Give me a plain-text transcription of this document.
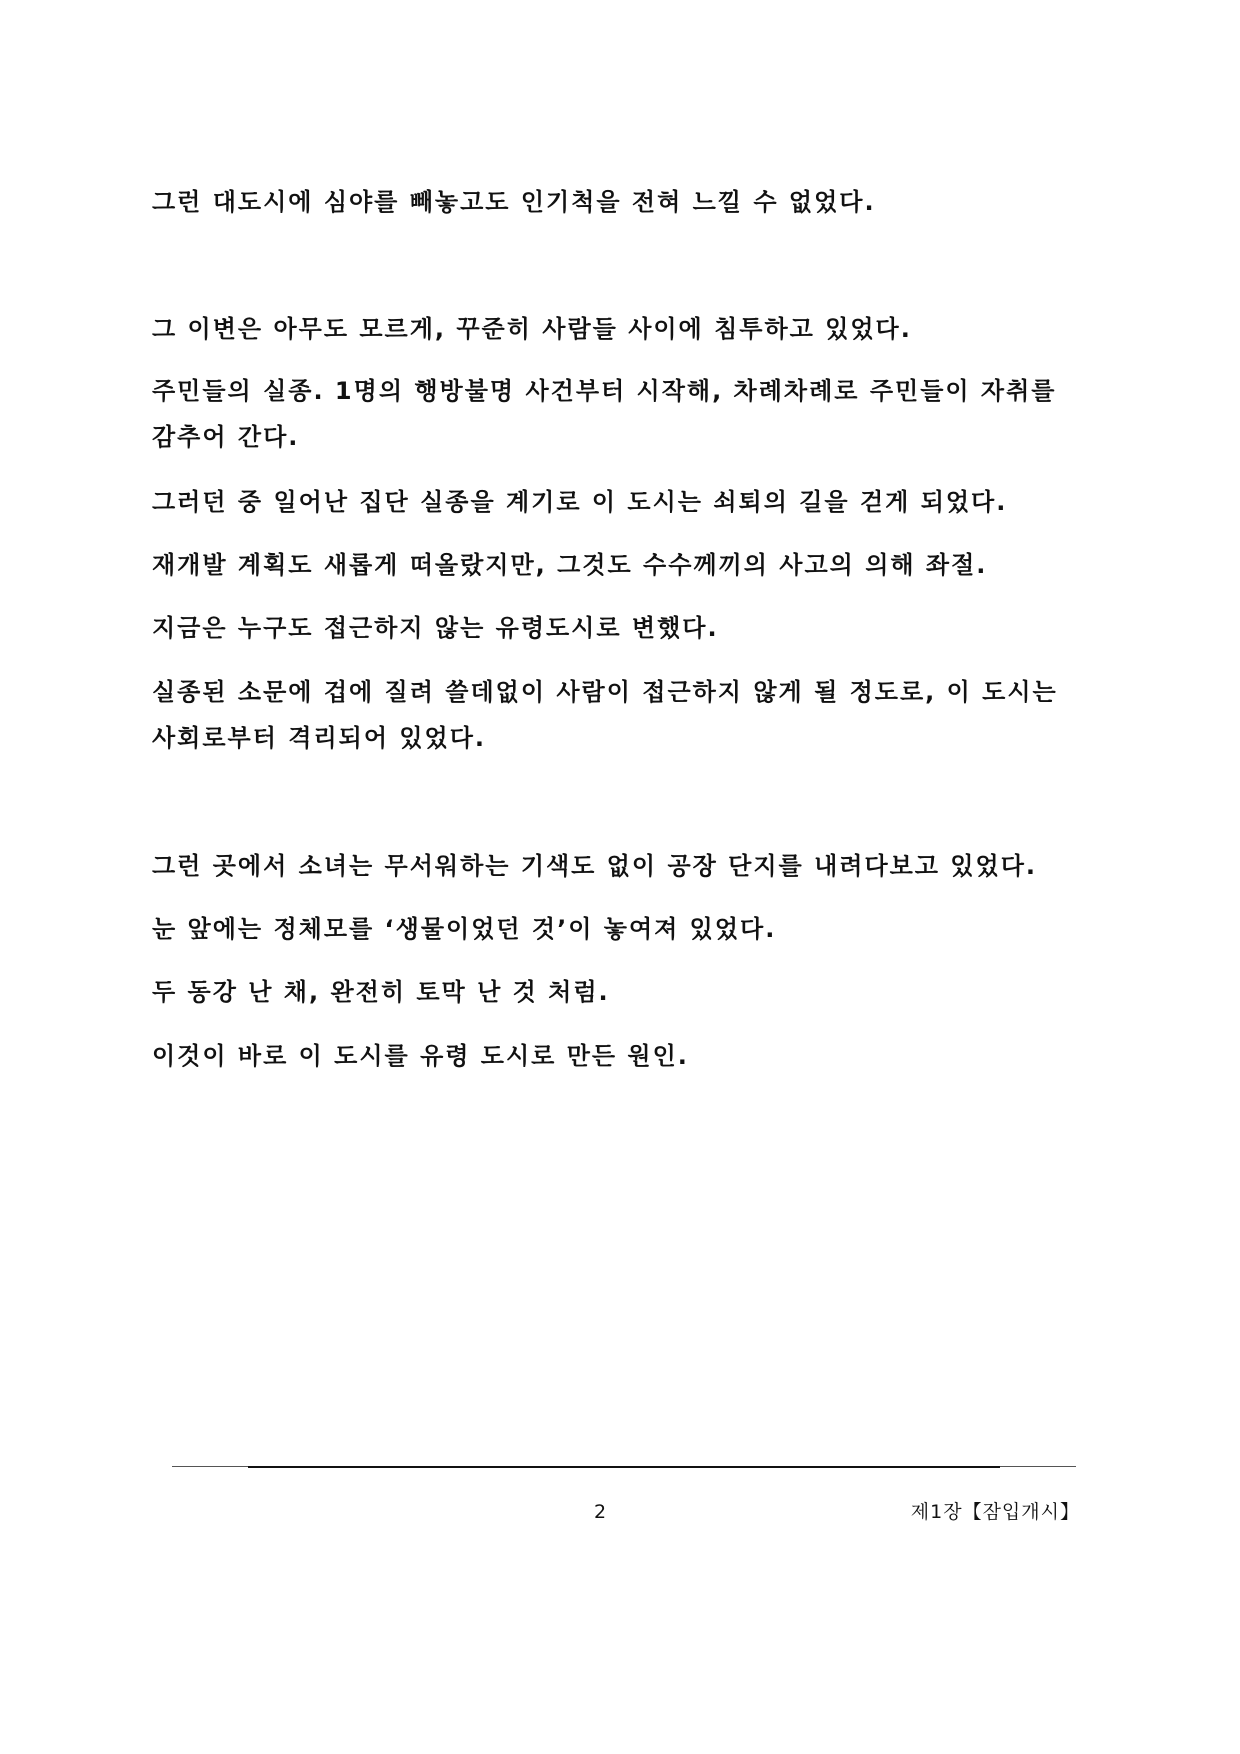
그런 대도시에 심야를 빼놓고도 인기척을 전혀 느낄 수 없었다.
그 이변은 아무도 모르게, 꾸준히 사람들 사이에 침투하고 있었다.
주민들의 실종. 1명의 행방불명 사건부터 시작해, 차례차례로 주민들이 자취를
감추어 간다.
그러던 중 일어난 집단 실종을 계기로 이 도시는 쇠퇴의 길을 걷게 되었다.
재개발 계획도 새롭게 떠올랐지만, 그것도 수수께끼의 사고의 의해 좌절.
지금은 누구도 접근하지 않는 유령도시로 변했다.
실종된 소문에 겁에 질려 쓸데없이 사람이 접근하지 않게 될 정도로, 이 도시는
사회로부터 격리되어 있었다.
그런 곳에서 소녀는 무서워하는 기색도 없이 공장 단지를 내려다보고 있었다.
눈 앞에는 정체모를 ‘생물이었던 것’이 놓여져 있었다.
두 동강 난 채, 완전히 토막 난 것 처럼.
이것이 바로 이 도시를 유령 도시로 만든 원인.
2	제1장【잠입개시】
